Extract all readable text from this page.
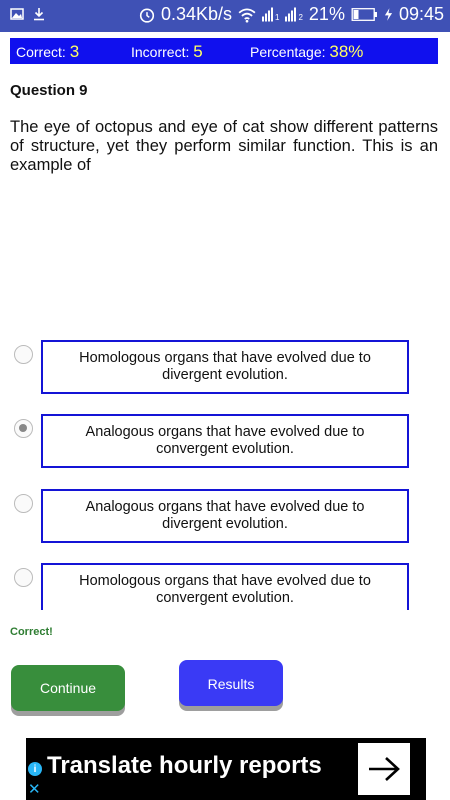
0.34Kb/s	1 2 21%	09:45
Correct: 3	Incorrect: 5	Percentage: 38%
Question 9
The eye of octopus and eye of cat show different patterns of structure, yet they perform similar function. This is an example of
Homologous organs that have evolved due to divergent evolution.
Analogous organs that have evolved due to convergent evolution.
Analogous organs that have evolved due to divergent evolution.
Homologous organs that have evolved due to convergent evolution.
Correct!
Continue	Results
i
✕
Translate hourly reports
